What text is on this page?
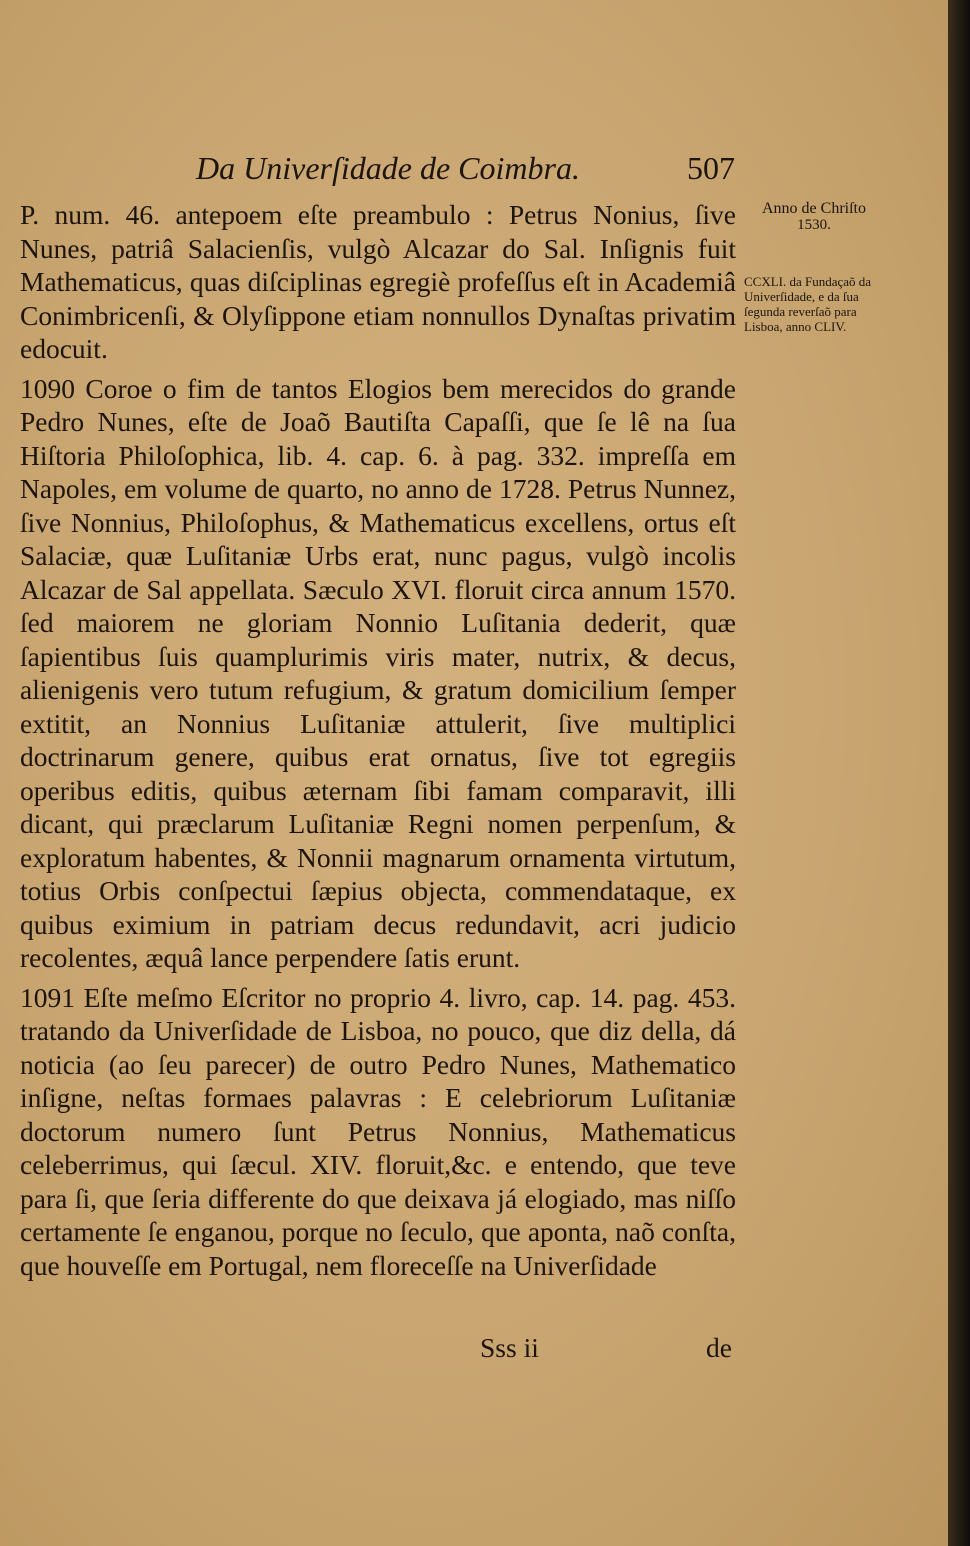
Da Univerſidade de Coimbra.	507

P. num. 46. antepoem eſte preambulo : Petrus Nonius, ſive Nunes, patriâ Salacienſis, vulgò Alcazar do Sal. Inſignis fuit Mathematicus, quas diſciplinas egregiè profeſſus eſt in Academiâ Conimbricenſi, & Olyſippone etiam nonnullos Dynaſtas privatim edocuit.

1090 Coroe o fim de tantos Elogios bem merecidos do grande Pedro Nunes, eſte de Joaõ Bautiſta Capaſſi, que ſe lê na ſua Hiſtoria Philoſophica, lib. 4. cap. 6. à pag. 332. impreſſa em Napoles, em volume de quarto, no anno de 1728. Petrus Nunnez, ſive Nonnius, Philoſophus, & Mathematicus excellens, ortus eſt Salaciæ, quæ Luſitaniæ Urbs erat, nunc pagus, vulgò incolis Alcazar de Sal appellata. Sæculo XVI. floruit circa annum 1570. ſed maiorem ne gloriam Nonnio Luſitania dederit, quæ ſapientibus ſuis quamplurimis viris mater, nutrix, & decus, alienigenis vero tutum refugium, & gratum domicilium ſemper extitit, an Nonnius Luſitaniæ attulerit, ſive multiplici doctrinarum genere, quibus erat ornatus, ſive tot egregiis operibus editis, quibus æternam ſibi famam comparavit, illi dicant, qui præclarum Luſitaniæ Regni nomen perpenſum, & exploratum habentes, & Nonnii magnarum ornamenta virtutum, totius Orbis conſpectui ſæpius objecta, commendataque, ex quibus eximium in patriam decus redundavit, acri judicio recolentes, æquâ lance perpendere ſatis erunt.

1091 Eſte meſmo Eſcritor no proprio 4. livro, cap. 14. pag. 453. tratando da Univerſidade de Lisboa, no pouco, que diz della, dá noticia (ao ſeu parecer) de outro Pedro Nunes, Mathematico inſigne, neſtas formaes palavras : E celebriorum Luſitaniæ doctorum numero ſunt Petrus Nonnius, Mathematicus celeberrimus, qui ſæcul. XIV. floruit,&c. e entendo, que teve para ſi, que ſeria differente do que deixava já elogiado, mas niſſo certamente ſe enganou, porque no ſeculo, que aponta, naõ conſta, que houveſſe em Portugal, nem floreceſſe na Univerſidade

Sss ii	de
Anno de Chriſto
1530.
CCXLI. da Fundaçaõ da Univerſidade, e da ſua ſegunda reverſaõ para Lisboa, anno CLIV.
